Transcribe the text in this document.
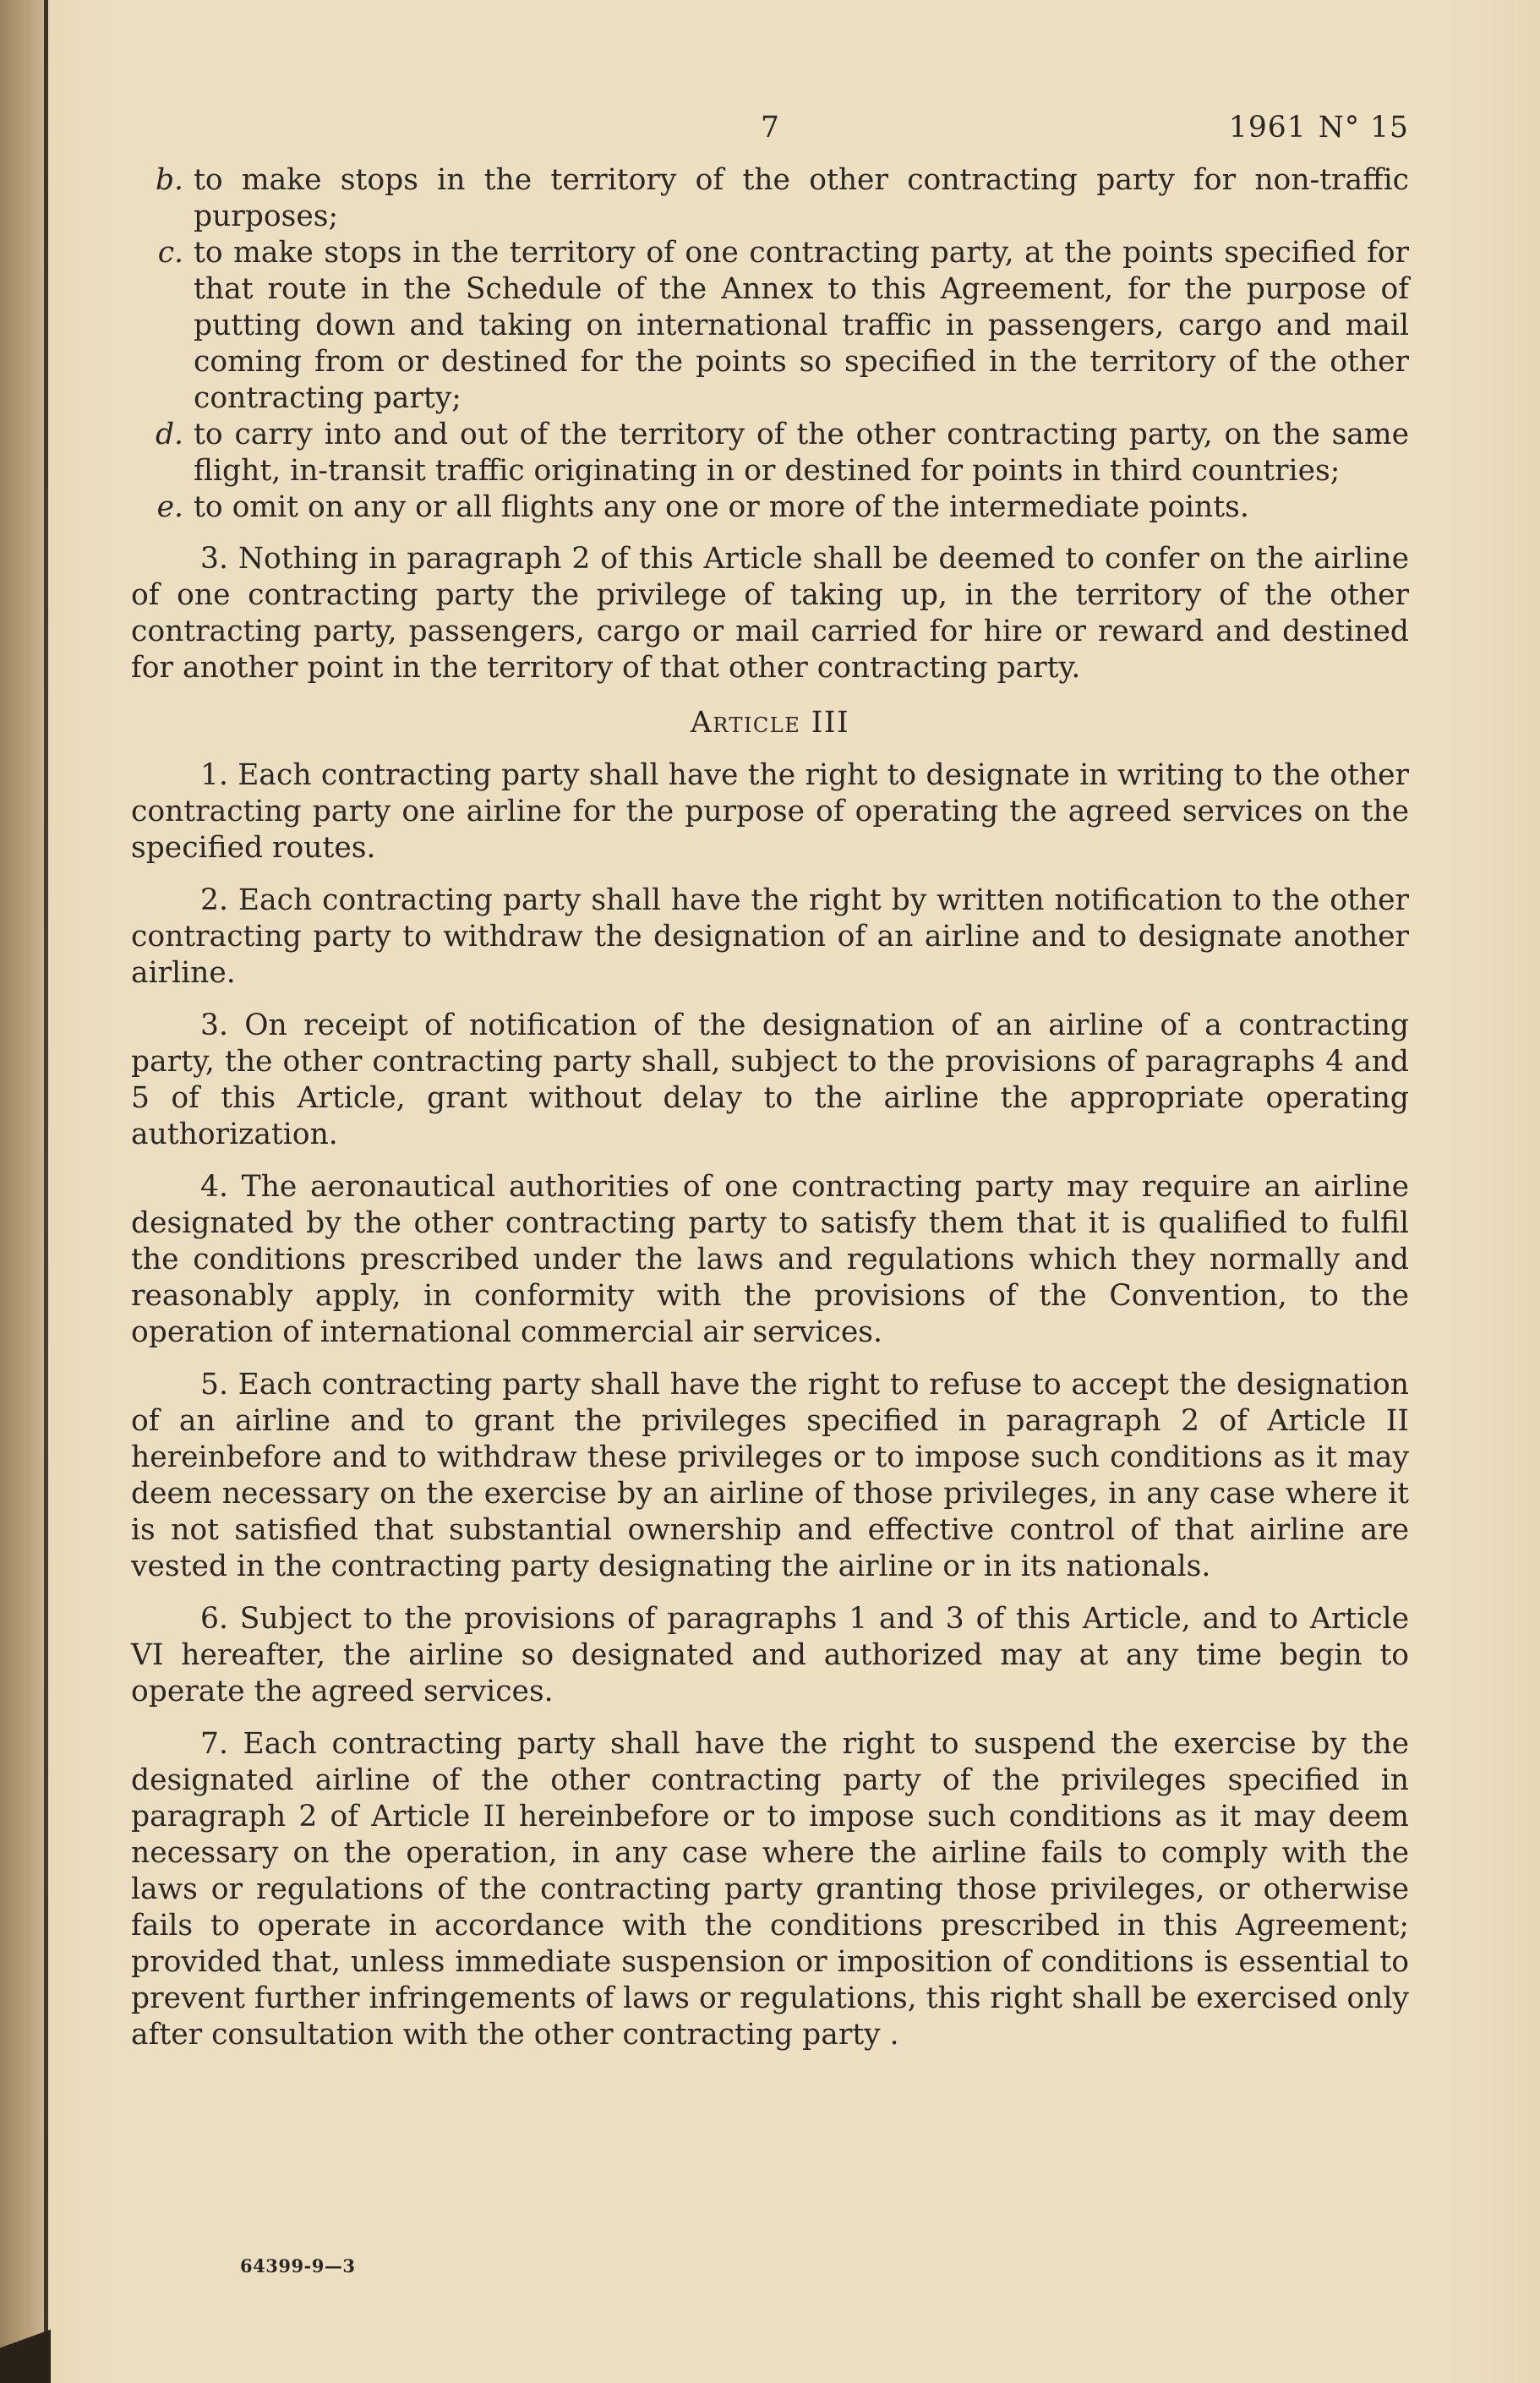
7	1961 N° 15
b. to make stops in the territory of the other contracting party for non-traffic purposes;
c. to make stops in the territory of one contracting party, at the points specified for that route in the Schedule of the Annex to this Agreement, for the purpose of putting down and taking on international traffic in passengers, cargo and mail coming from or destined for the points so specified in the territory of the other contracting party;
d. to carry into and out of the territory of the other contracting party, on the same flight, in-transit traffic originating in or destined for points in third countries;
e. to omit on any or all flights any one or more of the intermediate points.
3. Nothing in paragraph 2 of this Article shall be deemed to confer on the airline of one contracting party the privilege of taking up, in the territory of the other contracting party, passengers, cargo or mail carried for hire or reward and destined for another point in the territory of that other contracting party.
Article III
1. Each contracting party shall have the right to designate in writing to the other contracting party one airline for the purpose of operating the agreed services on the specified routes.
2. Each contracting party shall have the right by written notification to the other contracting party to withdraw the designation of an airline and to designate another airline.
3. On receipt of notification of the designation of an airline of a contracting party, the other contracting party shall, subject to the provisions of paragraphs 4 and 5 of this Article, grant without delay to the airline the appropriate operating authorization.
4. The aeronautical authorities of one contracting party may require an airline designated by the other contracting party to satisfy them that it is qualified to fulfil the conditions prescribed under the laws and regulations which they normally and reasonably apply, in conformity with the provisions of the Convention, to the operation of international commercial air services.
5. Each contracting party shall have the right to refuse to accept the designation of an airline and to grant the privileges specified in paragraph 2 of Article II hereinbefore and to withdraw these privileges or to impose such conditions as it may deem necessary on the exercise by an airline of those privileges, in any case where it is not satisfied that substantial ownership and effective control of that airline are vested in the contracting party designating the airline or in its nationals.
6. Subject to the provisions of paragraphs 1 and 3 of this Article, and to Article VI hereafter, the airline so designated and authorized may at any time begin to operate the agreed services.
7. Each contracting party shall have the right to suspend the exercise by the designated airline of the other contracting party of the privileges specified in paragraph 2 of Article II hereinbefore or to impose such conditions as it may deem necessary on the operation, in any case where the airline fails to comply with the laws or regulations of the contracting party granting those privileges, or otherwise fails to operate in accordance with the conditions prescribed in this Agreement; provided that, unless immediate suspension or imposition of conditions is essential to prevent further infringements of laws or regulations, this right shall be exercised only after consultation with the other contracting party .
64399-9—3
